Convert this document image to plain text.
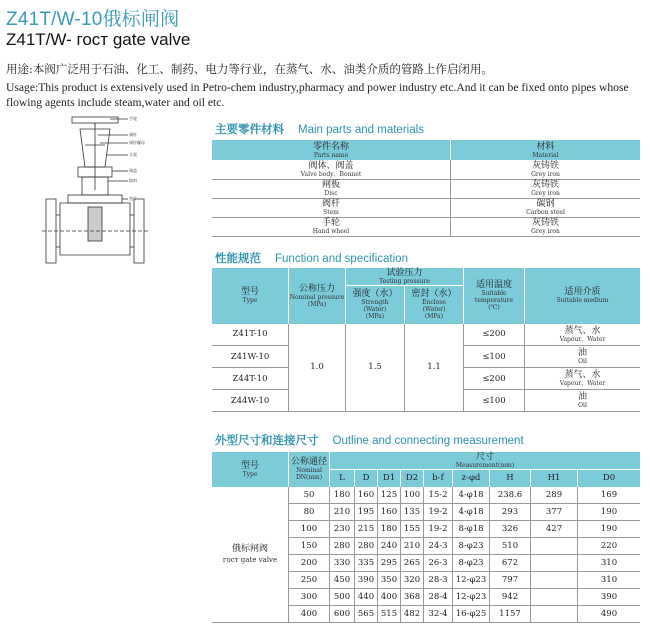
Z41T/W-10俄标闸阀
Z41T/W- гост gate valve
用途:本阀广泛用于石油、化工、制药、电力等行业，在蒸气、水、油类介质的管路上作启闭用。
Usage:This product is extensively used in Petro-chem industry,pharmacy and power industry etc.And it can be fixed onto pipes whose flowing agents include steam,water and oil etc.
手轮
阀杆
阀杆螺母
支架
阀盖
填料
垫片
主要零件材料 Main parts and materials
零件名称
Parts name	材料
Material

阀体、阀盖
Valve body、Bonnet	灰铸铁
Grey iron

闸板
Disc	灰铸铁
Grey iron

阀杆
Stem	碳钢
Carbon steel

手轮
Hand wheel	灰铸铁
Grey iron
性能规范 Function and specification
型号
Type	公称压力
Nominal pressure
(MPa)	试验压力
Testing pressure		适用温度
Suitable temperature
(℃)	适用介质
Suitable medium

		强度（水）
Strength
(Water)
(MPa)	密封（水）
Enclose
(Water)
(MPa)		

Z41T-10	1.0	1.5	1.1	≤200	蒸气、水
Vapour、Water

Z41W-10				≤100	油
Oil

Z44T-10				≤200	蒸气、水
Vapour、Water

Z44W-10				≤100	油
Oil
外型尺寸和连接尺寸 Outline and connecting measurement
型号
Type	公称通径
Nominal
DN(mm)	尺寸
Measurement(mm)								

		L	D	D1	D2	b-f	z-φd	H	H1	D0

俄标闸阀
гост gate valve	50	180	160	125	100	15-2	4-φ18	238.6	289	169
	80	210	195	160	135	19-2	4-φ18	293	377	190
	100	230	215	180	155	19-2	8-φ18	326	427	190
	150	280	280	240	210	24-3	8-φ23	510		220
	200	330	335	295	265	26-3	8-φ23	672		310
	250	450	390	350	320	28-3	12-φ23	797		310
	300	500	440	400	368	28-4	12-φ23	942		390
	400	600	565	515	482	32-4	16-φ25	1157		490
